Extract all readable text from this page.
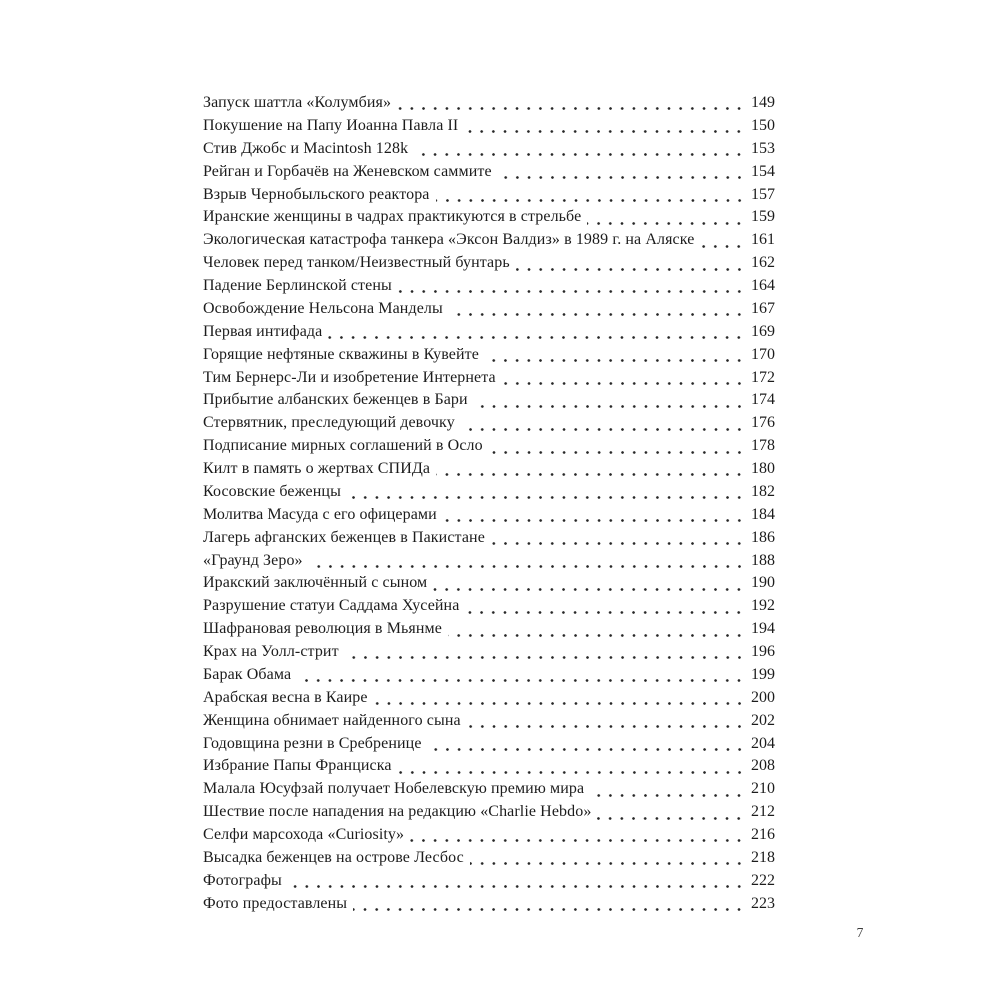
Запуск шаттла «Колумбия»	149
Покушение на Папу Иоанна Павла II	150
Стив Джобс и Macintosh 128k	153
Рейган и Горбачёв на Женевском саммите	154
Взрыв Чернобыльского реактора	157
Иранские женщины в чадрах практикуются в стрельбе	159
Экологическая катастрофа танкера «Эксон Валдиз» в 1989 г. на Аляске	161
Человек перед танком/Неизвестный бунтарь	162
Падение Берлинской стены	164
Освобождение Нельсона Манделы	167
Первая интифада	169
Горящие нефтяные скважины в Кувейте	170
Тим Бернерс-Ли и изобретение Интернета	172
Прибытие албанских беженцев в Бари	174
Стервятник, преследующий девочку	176
Подписание мирных соглашений в Осло	178
Килт в память о жертвах СПИДа	180
Косовские беженцы	182
Молитва Масуда с его офицерами	184
Лагерь афганских беженцев в Пакистане	186
«Граунд Зеро»	188
Иракский заключённый с сыном	190
Разрушение статуи Саддама Хусейна	192
Шафрановая революция в Мьянме	194
Крах на Уолл-стрит	196
Барак Обама	199
Арабская весна в Каире	200
Женщина обнимает найденного сына	202
Годовщина резни в Сребренице	204
Избрание Папы Франциска	208
Малала Юсуфзай получает Нобелевскую премию мира	210
Шествие после нападения на редакцию «Charlie Hebdo»	212
Селфи марсохода «Curiosity»	216
Высадка беженцев на острове Лесбос	218
Фотографы	222
Фото предоставлены	223
7
